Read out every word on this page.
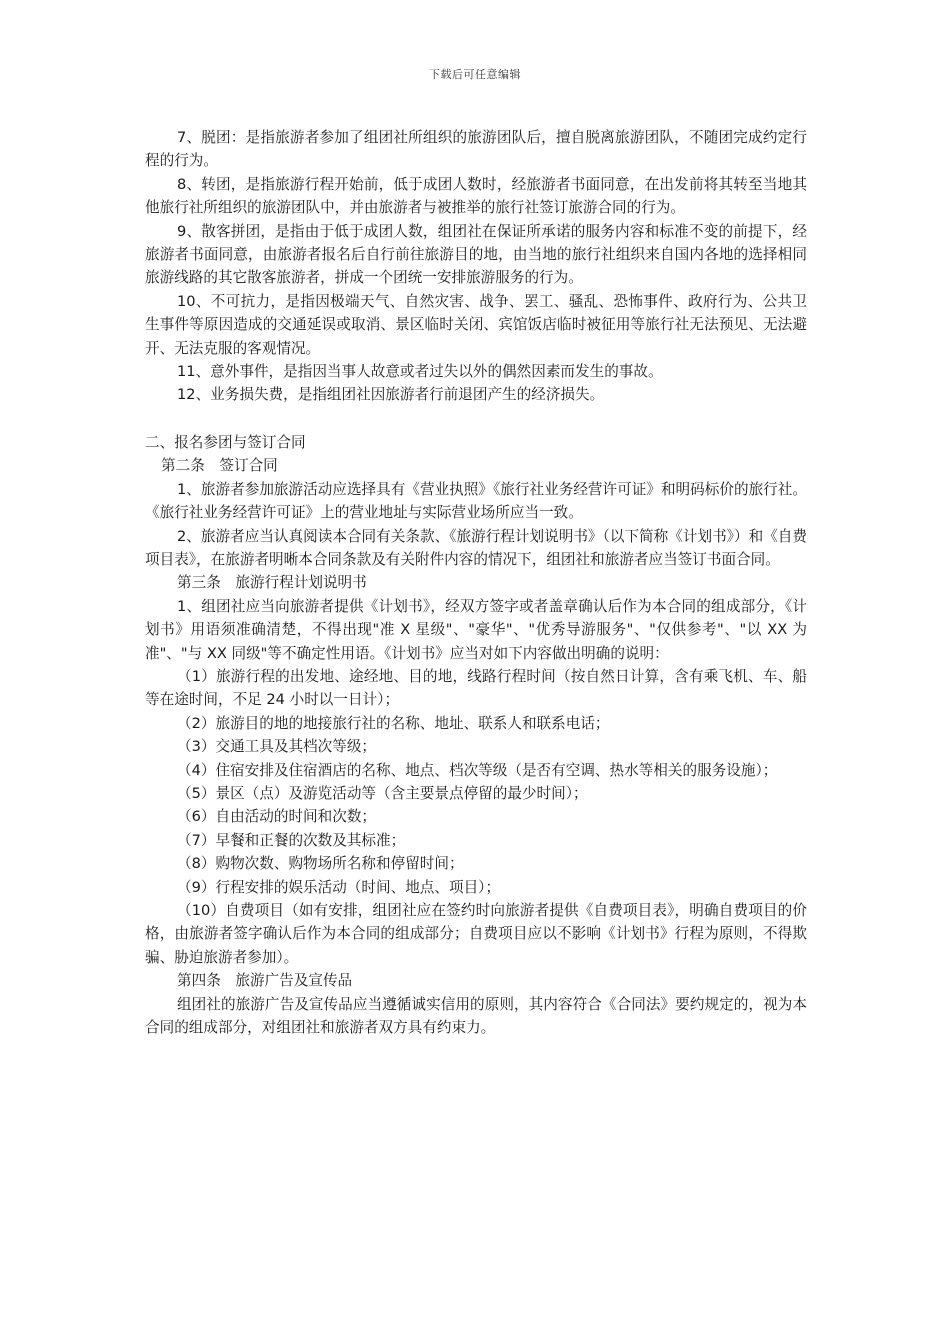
下载后可任意编辑

7、脱团：是指旅游者参加了组团社所组织的旅游团队后，擅自脱离旅游团队，不随团完成约定行程的行为。

8、转团，是指旅游行程开始前，低于成团人数时，经旅游者书面同意，在出发前将其转至当地其他旅行社所组织的旅游团队中，并由旅游者与被推举的旅行社签订旅游合同的行为。

9、散客拼团，是指由于低于成团人数，组团社在保证所承诺的服务内容和标准不变的前提下，经旅游者书面同意，由旅游者报名后自行前往旅游目的地，由当地的旅行社组织来自国内各地的选择相同旅游线路的其它散客旅游者，拼成一个团统一安排旅游服务的行为。

10、不可抗力，是指因极端天气、自然灾害、战争、罢工、骚乱、恐怖事件、政府行为、公共卫生事件等原因造成的交通延误或取消、景区临时关闭、宾馆饭店临时被征用等旅行社无法预见、无法避开、无法克服的客观情况。

11、意外事件，是指因当事人故意或者过失以外的偶然因素而发生的事故。

12、业务损失费，是指组团社因旅游者行前退团产生的经济损失。

二、报名参团与签订合同

第二条　签订合同

1、旅游者参加旅游活动应选择具有《营业执照》《旅行社业务经营许可证》和明码标价的旅行社。《旅行社业务经营许可证》上的营业地址与实际营业场所应当一致。

2、旅游者应当认真阅读本合同有关条款、《旅游行程计划说明书》（以下简称《计划书》）和《自费项目表》，在旅游者明晰本合同条款及有关附件内容的情况下，组团社和旅游者应当签订书面合同。

第三条　旅游行程计划说明书

1、组团社应当向旅游者提供《计划书》，经双方签字或者盖章确认后作为本合同的组成部分，《计划书》用语须准确清楚，不得出现"准 X 星级"、"豪华"、"优秀导游服务"、"仅供参考"、"以 XX 为准"、"与 XX 同级"等不确定性用语。《计划书》应当对如下内容做出明确的说明：

（1）旅游行程的出发地、途经地、目的地，线路行程时间（按自然日计算，含有乘飞机、车、船等在途时间，不足 24 小时以一日计）；

（2）旅游目的地的地接旅行社的名称、地址、联系人和联系电话；

（3）交通工具及其档次等级；

（4）住宿安排及住宿酒店的名称、地点、档次等级（是否有空调、热水等相关的服务设施）；

（5）景区（点）及游览活动等（含主要景点停留的最少时间）；

（6）自由活动的时间和次数；

（7）早餐和正餐的次数及其标准；

（8）购物次数、购物场所名称和停留时间；

（9）行程安排的娱乐活动（时间、地点、项目）；

（10）自费项目（如有安排，组团社应在签约时向旅游者提供《自费项目表》，明确自费项目的价格，由旅游者签字确认后作为本合同的组成部分；自费项目应以不影响《计划书》行程为原则，不得欺骗、胁迫旅游者参加）。

第四条　旅游广告及宣传品

组团社的旅游广告及宣传品应当遵循诚实信用的原则，其内容符合《合同法》要约规定的，视为本合同的组成部分，对组团社和旅游者双方具有约束力。
